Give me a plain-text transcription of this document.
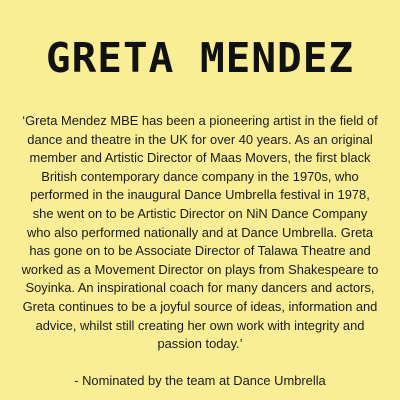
GRETA MENDEZ

‘Greta Mendez MBE has been a pioneering artist in the field of dance and theatre in the UK for over 40 years. As an original member and Artistic Director of Maas Movers, the first black British contemporary dance company in the 1970s, who performed in the inaugural Dance Umbrella festival in 1978, she went on to be Artistic Director on NiN Dance Company who also performed nationally and at Dance Umbrella. Greta has gone on to be Associate Director of Talawa Theatre and worked as a Movement Director on plays from Shakespeare to Soyinka. An inspirational coach for many dancers and actors, Greta continues to be a joyful source of ideas, information and advice, whilst still creating her own work with integrity and passion today.’

- Nominated by the team at Dance Umbrella
